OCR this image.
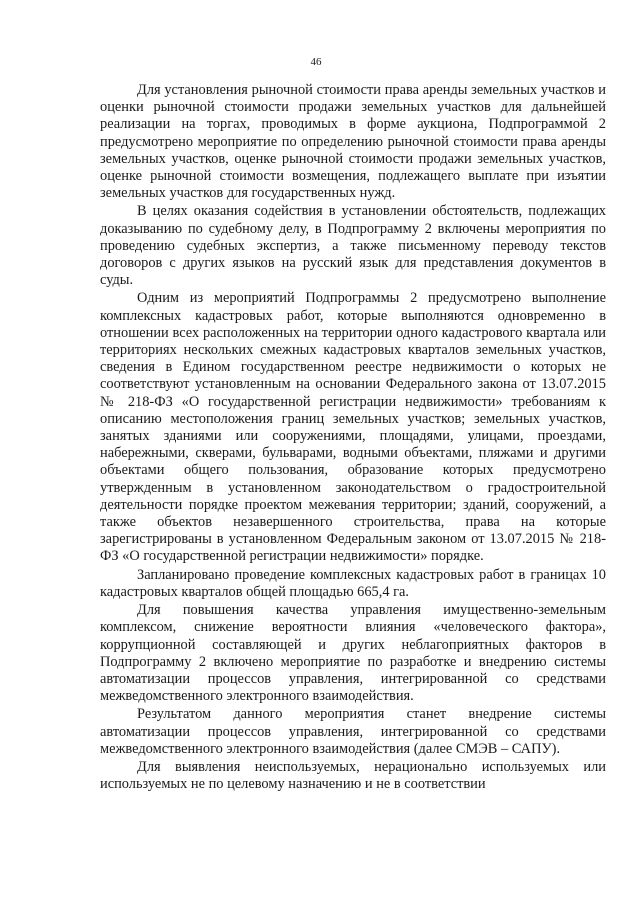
46

Для установления рыночной стоимости права аренды земельных участков и оценки рыночной стоимости продажи земельных участков для дальнейшей реализации на торгах, проводимых в форме аукциона, Подпрограммой 2 предусмотрено мероприятие по определению рыночной стоимости права аренды земельных участков, оценке рыночной стоимости продажи земельных участков, оценке рыночной стоимости возмещения, подлежащего выплате при изъятии земельных участков для государственных нужд.

В целях оказания содействия в установлении обстоятельств, подлежащих доказыванию по судебному делу, в Подпрограмму 2 включены мероприятия по проведению судебных экспертиз, а также письменному переводу текстов договоров с других языков на русский язык для представления документов в суды.

Одним из мероприятий Подпрограммы 2 предусмотрено выполнение комплексных кадастровых работ, которые выполняются одновременно в отношении всех расположенных на территории одного кадастрового квартала или территориях нескольких смежных кадастровых кварталов земельных участков, сведения в Едином государственном реестре недвижимости о которых не соответствуют установленным на основании Федерального закона от 13.07.2015 № 218-ФЗ «О государственной регистрации недвижимости» требованиям к описанию местоположения границ земельных участков; земельных участков, занятых зданиями или сооружениями, площадями, улицами, проездами, набережными, скверами, бульварами, водными объектами, пляжами и другими объектами общего пользования, образование которых предусмотрено утвержденным в установленном законодательством о градостроительной деятельности порядке проектом межевания территории; зданий, сооружений, а также объектов незавершенного строительства, права на которые зарегистрированы в установленном Федеральным законом от 13.07.2015 № 218-ФЗ «О государственной регистрации недвижимости» порядке.

Запланировано проведение комплексных кадастровых работ в границах 10 кадастровых кварталов общей площадью 665,4 га.

Для повышения качества управления имущественно-земельным комплексом, снижение вероятности влияния «человеческого фактора», коррупционной составляющей и других неблагоприятных факторов в Подпрограмму 2 включено мероприятие по разработке и внедрению системы автоматизации процессов управления, интегрированной со средствами межведомственного электронного взаимодействия.

Результатом данного мероприятия станет внедрение системы автоматизации процессов управления, интегрированной со средствами межведомственного электронного взаимодействия (далее СМЭВ – САПУ).

Для выявления неиспользуемых, нерационально используемых или используемых не по целевому назначению и не в соответствии
